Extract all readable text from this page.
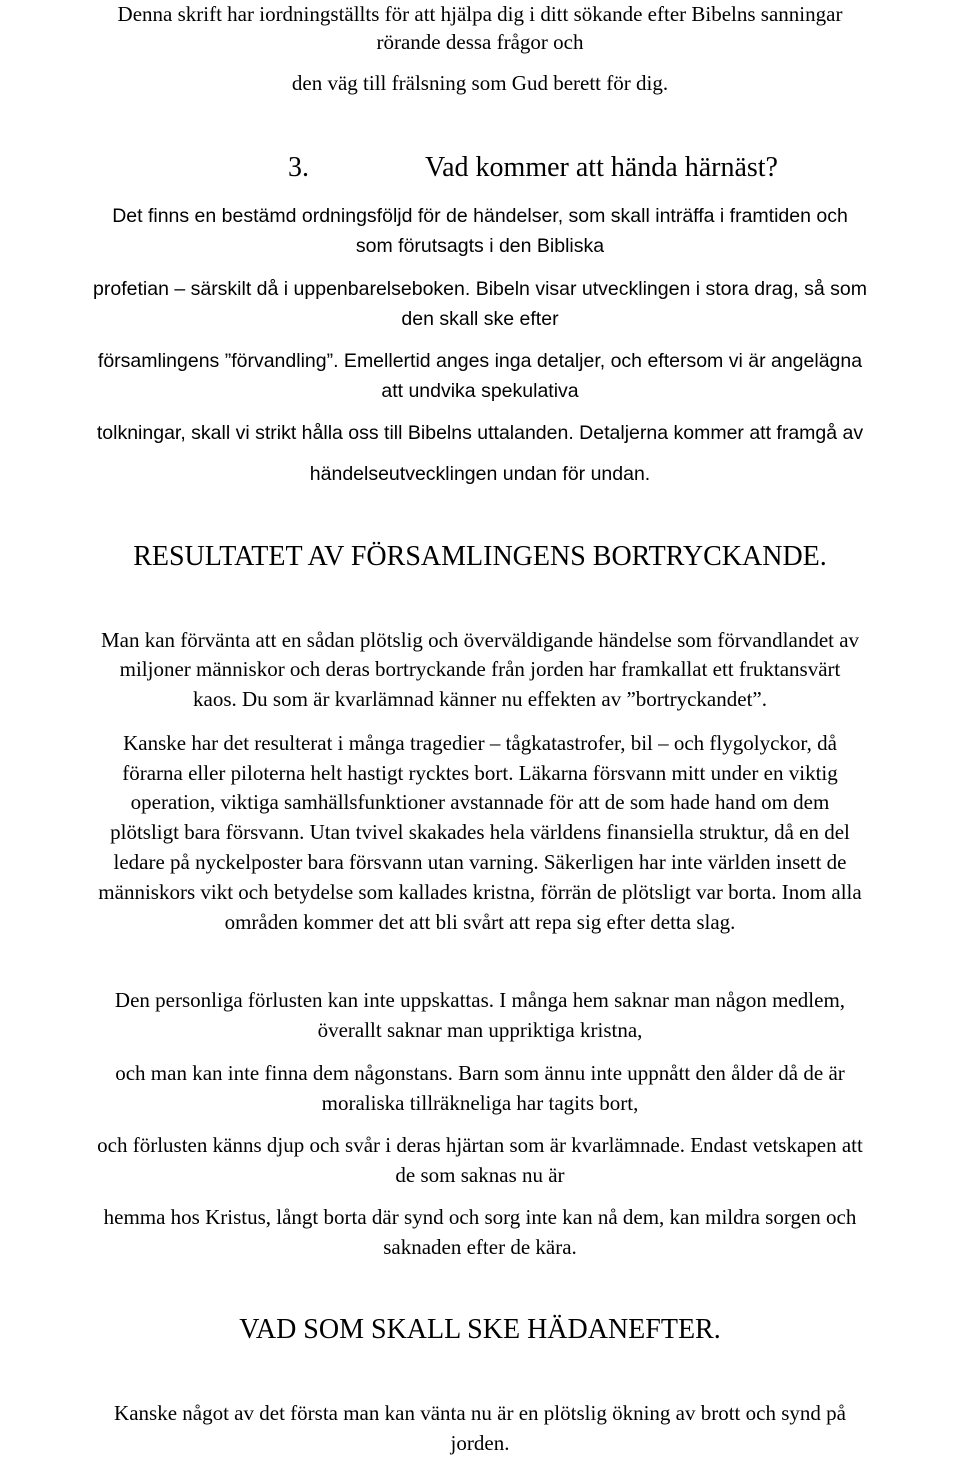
Denna skrift har iordningställts för att hjälpa dig i ditt sökande efter Bibelns sanningar
rörande dessa frågor och
den väg till frälsning som Gud berett för dig.
3.	Vad kommer att hända härnäst?
Det finns en bestämd ordningsföljd för de händelser, som skall inträffa i framtiden och
som förutsagts i den Bibliska
profetian – särskilt då i uppenbarelseboken. Bibeln visar utvecklingen i stora drag, så som
den skall ske efter
församlingens ”förvandling”. Emellertid anges inga detaljer, och eftersom vi är angelägna
att undvika spekulativa
tolkningar, skall vi strikt hålla oss till Bibelns uttalanden. Detaljerna kommer att framgå av
händelseutvecklingen undan för undan.
RESULTATET AV FÖRSAMLINGENS BORTRYCKANDE.
Man kan förvänta att en sådan plötslig och överväldigande händelse som förvandlandet av
miljoner människor och deras bortryckande från jorden har framkallat ett fruktansvärt
kaos. Du som är kvarlämnad känner nu effekten av ”bortryckandet”.
Kanske har det resulterat i många tragedier – tågkatastrofer, bil – och flygolyckor, då
förarna eller piloterna helt hastigt rycktes bort. Läkarna försvann mitt under en viktig
operation, viktiga samhällsfunktioner avstannade för att de som hade hand om dem
plötsligt bara försvann. Utan tvivel skakades hela världens finansiella struktur, då en del
ledare på nyckelposter bara försvann utan varning. Säkerligen har inte världen insett de
människors vikt och betydelse som kallades kristna, förrän de plötsligt var borta. Inom alla
områden kommer det att bli svårt att repa sig efter detta slag.
Den personliga förlusten kan inte uppskattas. I många hem saknar man någon medlem,
överallt saknar man uppriktiga kristna,
och man kan inte finna dem någonstans. Barn som ännu inte uppnått den ålder då de är
moraliska tillräkneliga har tagits bort,
och förlusten känns djup och svår i deras hjärtan som är kvarlämnade. Endast vetskapen att
de som saknas nu är
hemma hos Kristus, långt borta där synd och sorg inte kan nå dem, kan mildra sorgen och
saknaden efter de kära.
VAD SOM SKALL SKE HÄDANEFTER.
Kanske något av det första man kan vänta nu är en plötslig ökning av brott och synd på
jorden.
